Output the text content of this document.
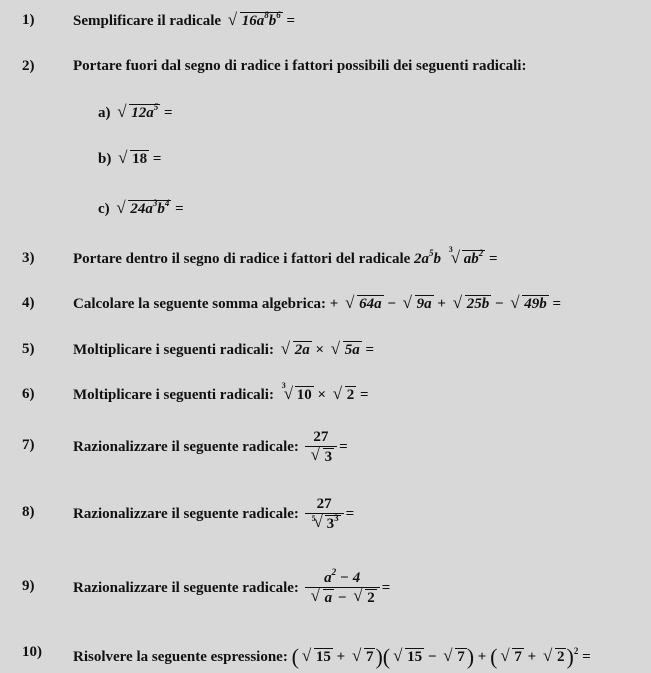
1)	Semplificare il radicale √ $16a^8b^6$ =
2)	Portare fuori dal segno di radice i fattori possibili dei seguenti radicali:
a) √ $12a^5$ =
b) √ 18 =
c) √ $24a^3b^4$ =
3)	Portare dentro il segno di radice i fattori del radicale $2a^5b$
√ 3
$ab^2$ =
4)	Calcolare la seguente somma algebrica: + √ 64a − √ 9a + √ 25b − √ 49b =
5)	Moltiplicare i seguenti radicali: √ 2a × √ 5a =
6)	Moltiplicare i seguenti radicali:
√ 3
10 × √ 2 =
7)	Razionalizzare il seguente radicale: 27
√ 3 =
8)	Razionalizzare il seguente radicale: 27
√ 5 $3^3$ =
9)	Razionalizzare il seguente radicale: $a^2 - 4$
√ a − √ 2 =
10) Risolvere la seguente espressione: ( √ 15 + √ 7)( √ 15 − √ 7) + ( √ 7 + √ 2)$^2$ =
